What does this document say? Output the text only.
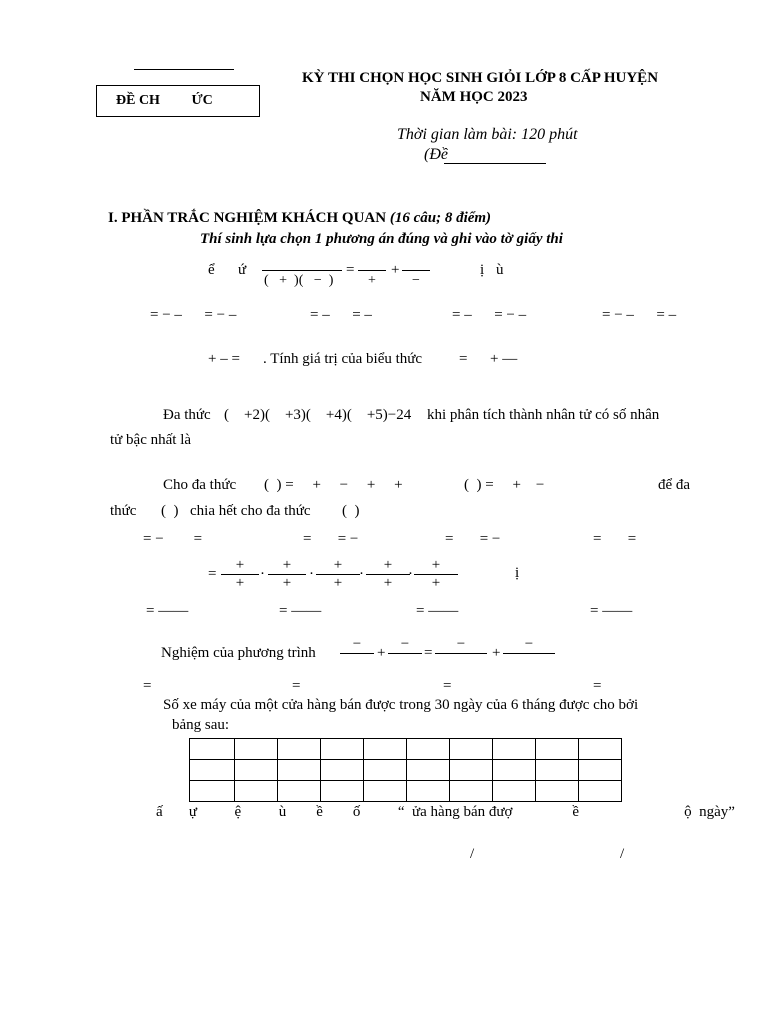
ĐỀ CH         ỨC
KỲ THI CHỌN HỌC SINH GIỎI LỚP 8 CẤP HUYỆN
NĂM HỌC 2023
Thời gian làm bài: 120 phút
(Đề
I. PHẦN TRẮC NGHIỆM KHÁCH QUAN (16 câu; 8 điểm)
Thí sinh lựa chọn 1 phương án đúng và ghi vào tờ giấy thi
ể ứ
(   +  )(   −  )
=
+
+
−
ị ù
= − –      = − –	= –      = –	= –      = − –	= − –      = –
+ – = . Tính giá trị của biểu thức = + —
Đa thức (    +2)(    +3)(    +4)(    +5)−24 khi phân tích thành nhân tử có số nhân
tử bậc nhất là
Cho đa thức (  ) =     +     −     +     +	(  ) =     +    −	để đa
thức (  ) chia hết cho đa thức (  )
= −        =	=       = −	=       = −	=       =
=
+
+
·
+
+
·
+
+
·
+
+
·
+
+
ị
= ——	= ——	= ——	= ——
Nghiệm của phương trình
−

+
−

=
−

+
−

=	=	=	=
Số xe máy của một cửa hàng bán được trong 30 ngày của 6 tháng được cho bởi
bảng sau:

ấ       ự          ệ          ù        ề        ố          “  ửa hàng bán đượ                ề                            ộ  ngày”
/	/
